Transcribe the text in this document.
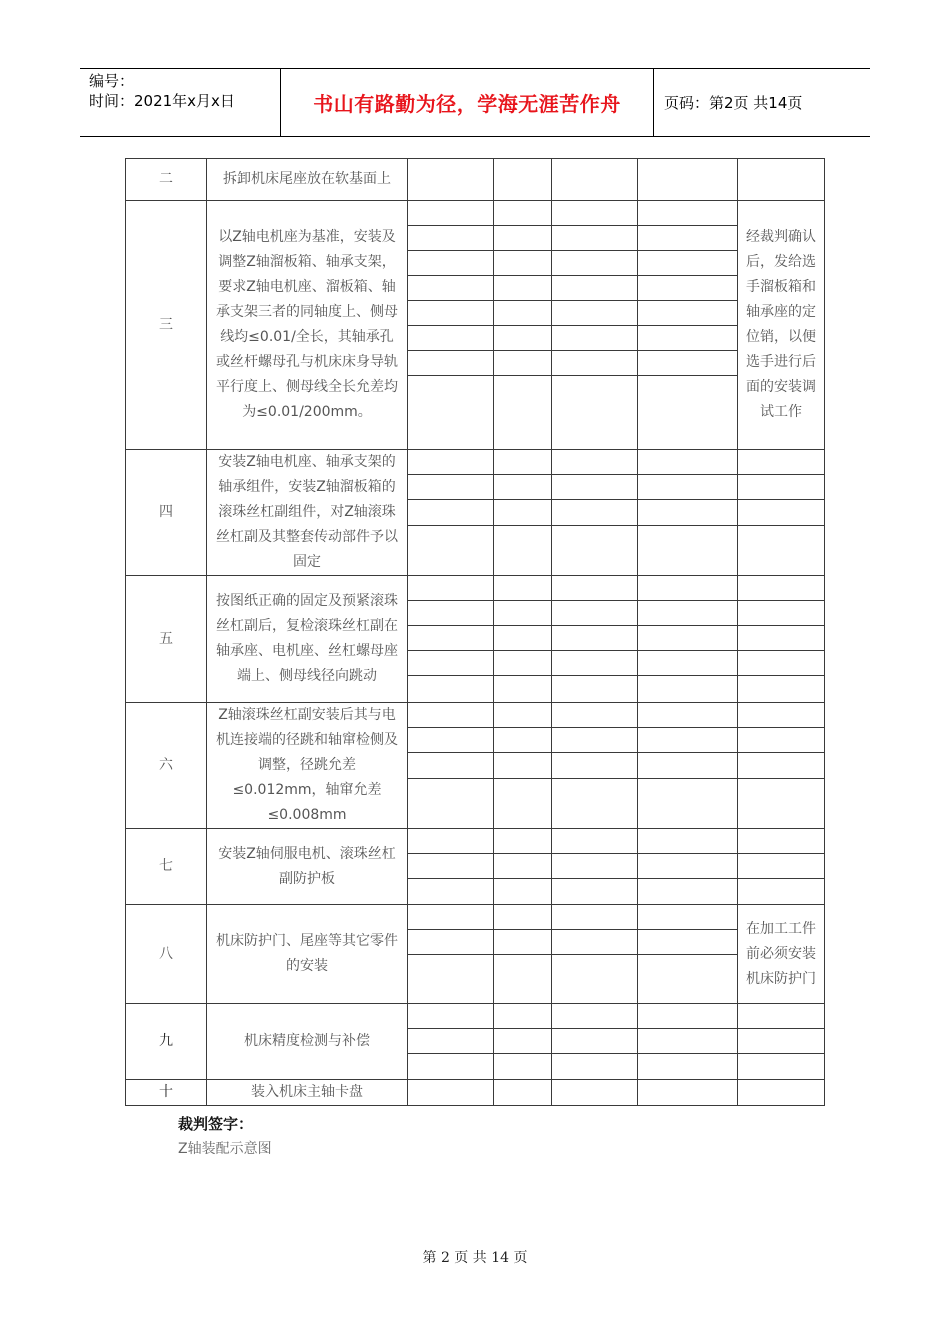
编号：
时间：2021年x月x日	书山有路勤为径，学海无涯苦作舟	页码：第2页 共14页
二	拆卸机床尾座放在软基面上					
三	以Z轴电机座为基准，安装及调整Z轴溜板箱、轴承支架，要求Z轴电机座、溜板箱、轴承支架三者的同轴度上、侧母线均≤0.01/全长，其轴承孔或丝杆螺母孔与机床床身导轨平行度上、侧母线全长允差均为≤0.01/200mm。					经裁判确认后，发给选手溜板箱和轴承座的定位销，以便选手进行后面的安装调试工作

四	安装Z轴电机座、轴承支架的轴承组件，安装Z轴溜板箱的滚珠丝杠副组件，对Z轴滚珠丝杠副及其整套传动部件予以固定					

五	按图纸正确的固定及预紧滚珠丝杠副后，复检滚珠丝杠副在轴承座、电机座、丝杠螺母座端上、侧母线径向跳动					

六	Z轴滚珠丝杠副安装后其与电机连接端的径跳和轴窜检侧及调整，径跳允差≤0.012mm，轴窜允差≤0.008mm					

七	安装Z轴伺服电机、滚珠丝杠副防护板					

八	机床防护门、尾座等其它零件的安装					在加工工件前必须安装机床防护门

九	机床精度检测与补偿					

十	装入机床主轴卡盘					
裁判签字：
Z轴装配示意图
第 2 页 共 14 页
